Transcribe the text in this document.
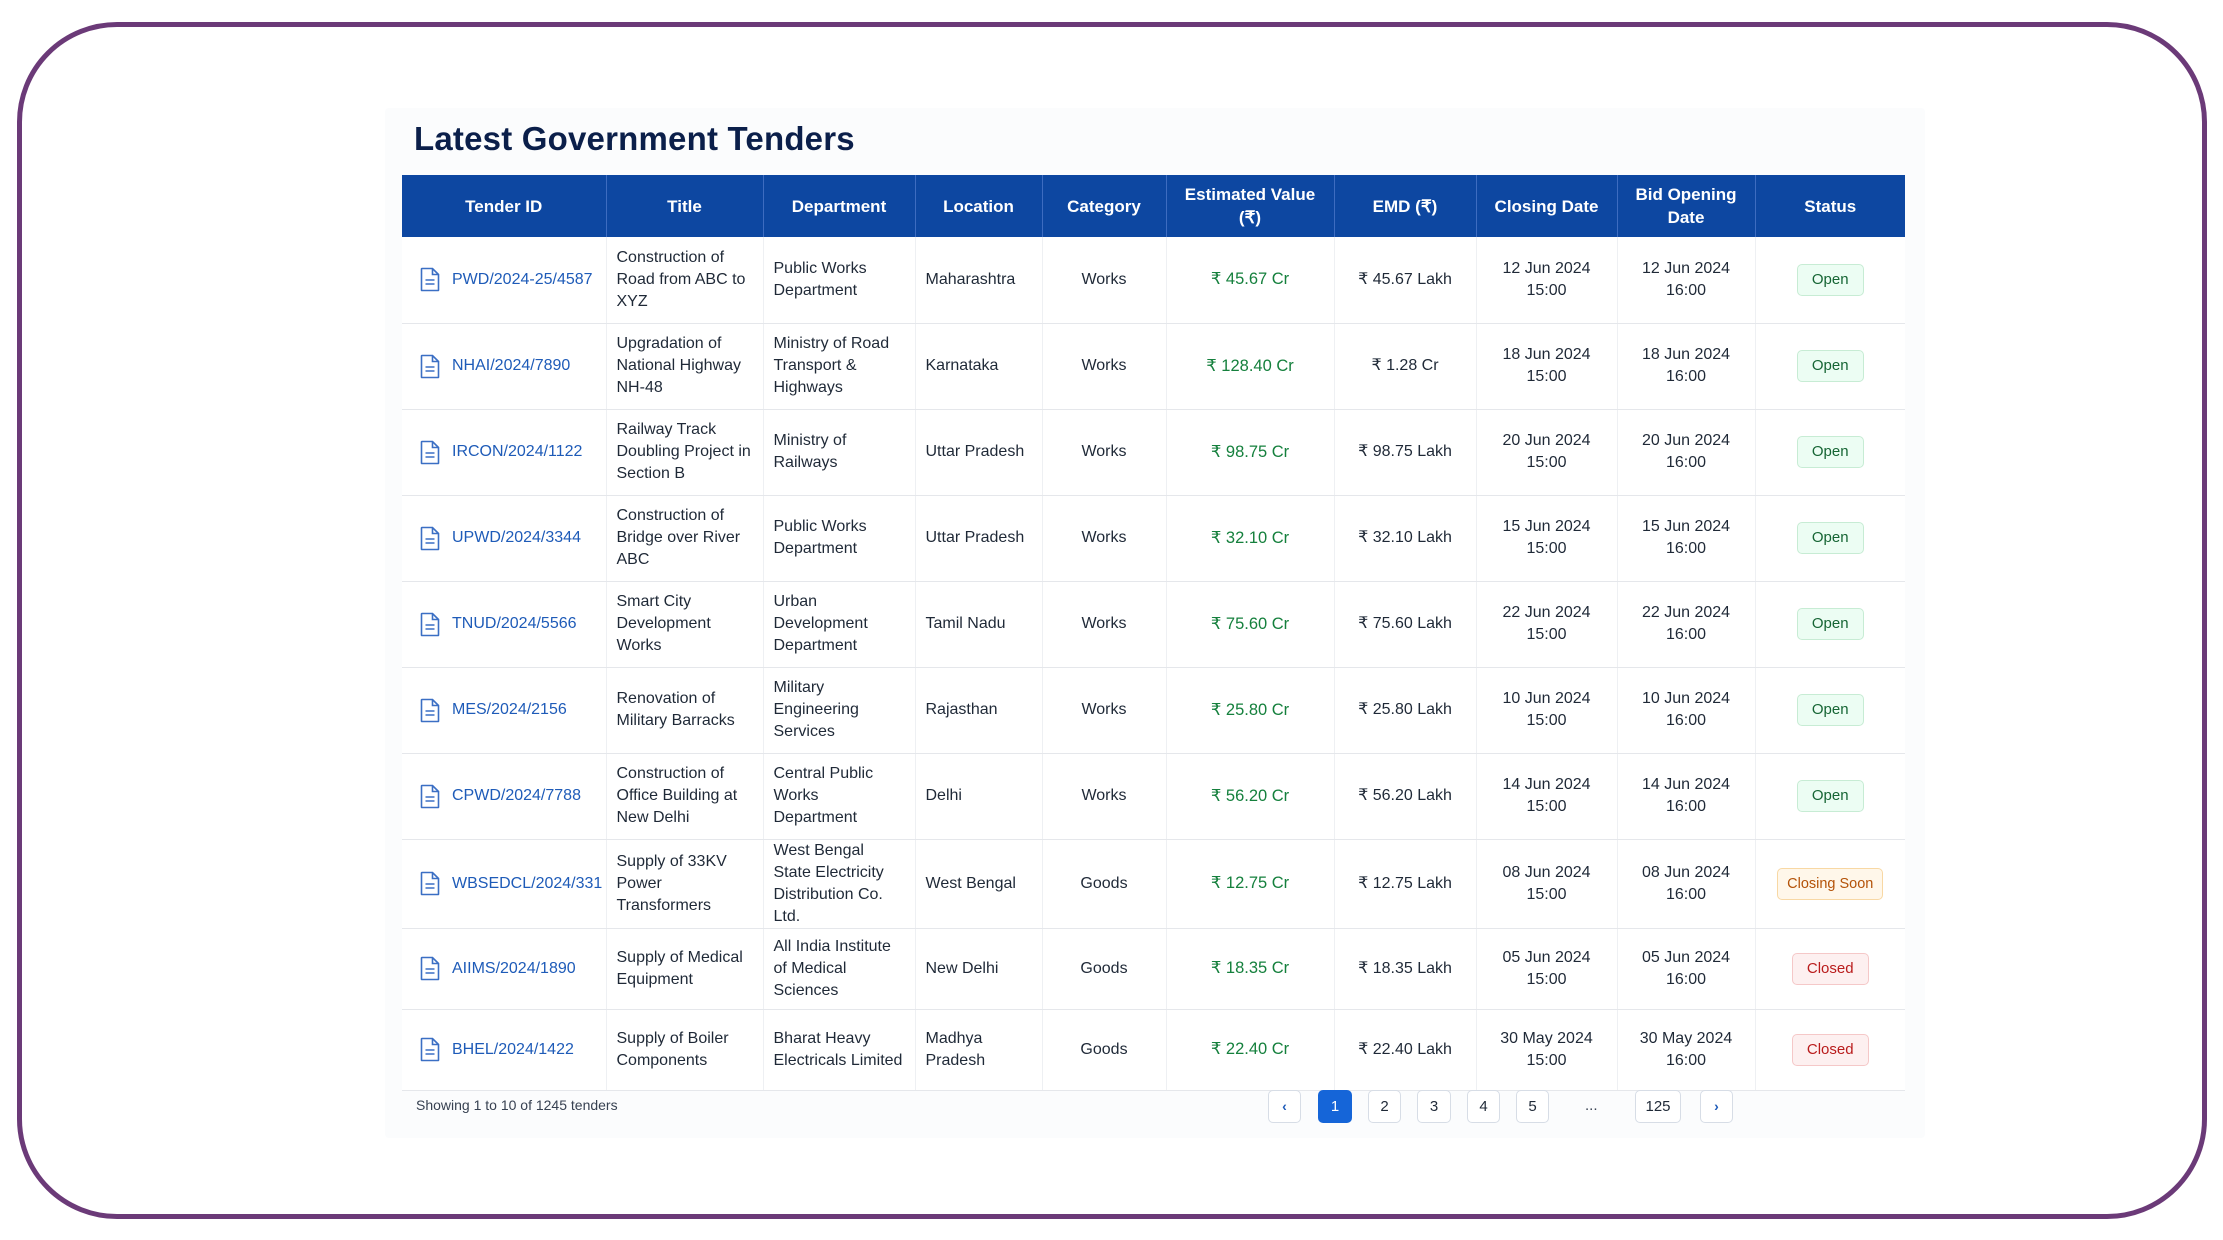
Latest Government Tenders
Tender ID	Title	Department	Location	Category	Estimated Value (₹)	EMD (₹)	Closing Date	Bid Opening Date	Status

PWD/2024-25/4587	Construction of Road from ABC to XYZ	Public Works Department	Maharashtra	Works	₹ 45.67 Cr	₹ 45.67 Lakh	12 Jun 2024 15:00	12 Jun 2024 16:00	Open

NHAI/2024/7890	Upgradation of National Highway NH-48	Ministry of Road Transport & Highways	Karnataka	Works	₹ 128.40 Cr	₹ 1.28 Cr	18 Jun 2024 15:00	18 Jun 2024 16:00	Open

IRCON/2024/1122	Railway Track Doubling Project in Section B	Ministry of Railways	Uttar Pradesh	Works	₹ 98.75 Cr	₹ 98.75 Lakh	20 Jun 2024 15:00	20 Jun 2024 16:00	Open

UPWD/2024/3344	Construction of Bridge over River ABC	Public Works Department	Uttar Pradesh	Works	₹ 32.10 Cr	₹ 32.10 Lakh	15 Jun 2024 15:00	15 Jun 2024 16:00	Open

TNUD/2024/5566	Smart City Development Works	Urban Development Department	Tamil Nadu	Works	₹ 75.60 Cr	₹ 75.60 Lakh	22 Jun 2024 15:00	22 Jun 2024 16:00	Open

MES/2024/2156	Renovation of Military Barracks	Military Engineering Services	Rajasthan	Works	₹ 25.80 Cr	₹ 25.80 Lakh	10 Jun 2024 15:00	10 Jun 2024 16:00	Open

CPWD/2024/7788	Construction of Office Building at New Delhi	Central Public Works Department	Delhi	Works	₹ 56.20 Cr	₹ 56.20 Lakh	14 Jun 2024 15:00	14 Jun 2024 16:00	Open

WBSEDCL/2024/331	Supply of 33KV Power Transformers	West Bengal State Electricity Distribution Co. Ltd.	West Bengal	Goods	₹ 12.75 Cr	₹ 12.75 Lakh	08 Jun 2024 15:00	08 Jun 2024 16:00	Closing Soon

AIIMS/2024/1890	Supply of Medical Equipment	All India Institute of Medical Sciences	New Delhi	Goods	₹ 18.35 Cr	₹ 18.35 Lakh	05 Jun 2024 15:00	05 Jun 2024 16:00	Closed

BHEL/2024/1422	Supply of Boiler Components	Bharat Heavy Electricals Limited	Madhya Pradesh	Goods	₹ 22.40 Cr	₹ 22.40 Lakh	30 May 2024 15:00	30 May 2024 16:00	Closed
Showing 1 to 10 of 1245 tenders	‹	1	2	3	4	5	...	125	›
